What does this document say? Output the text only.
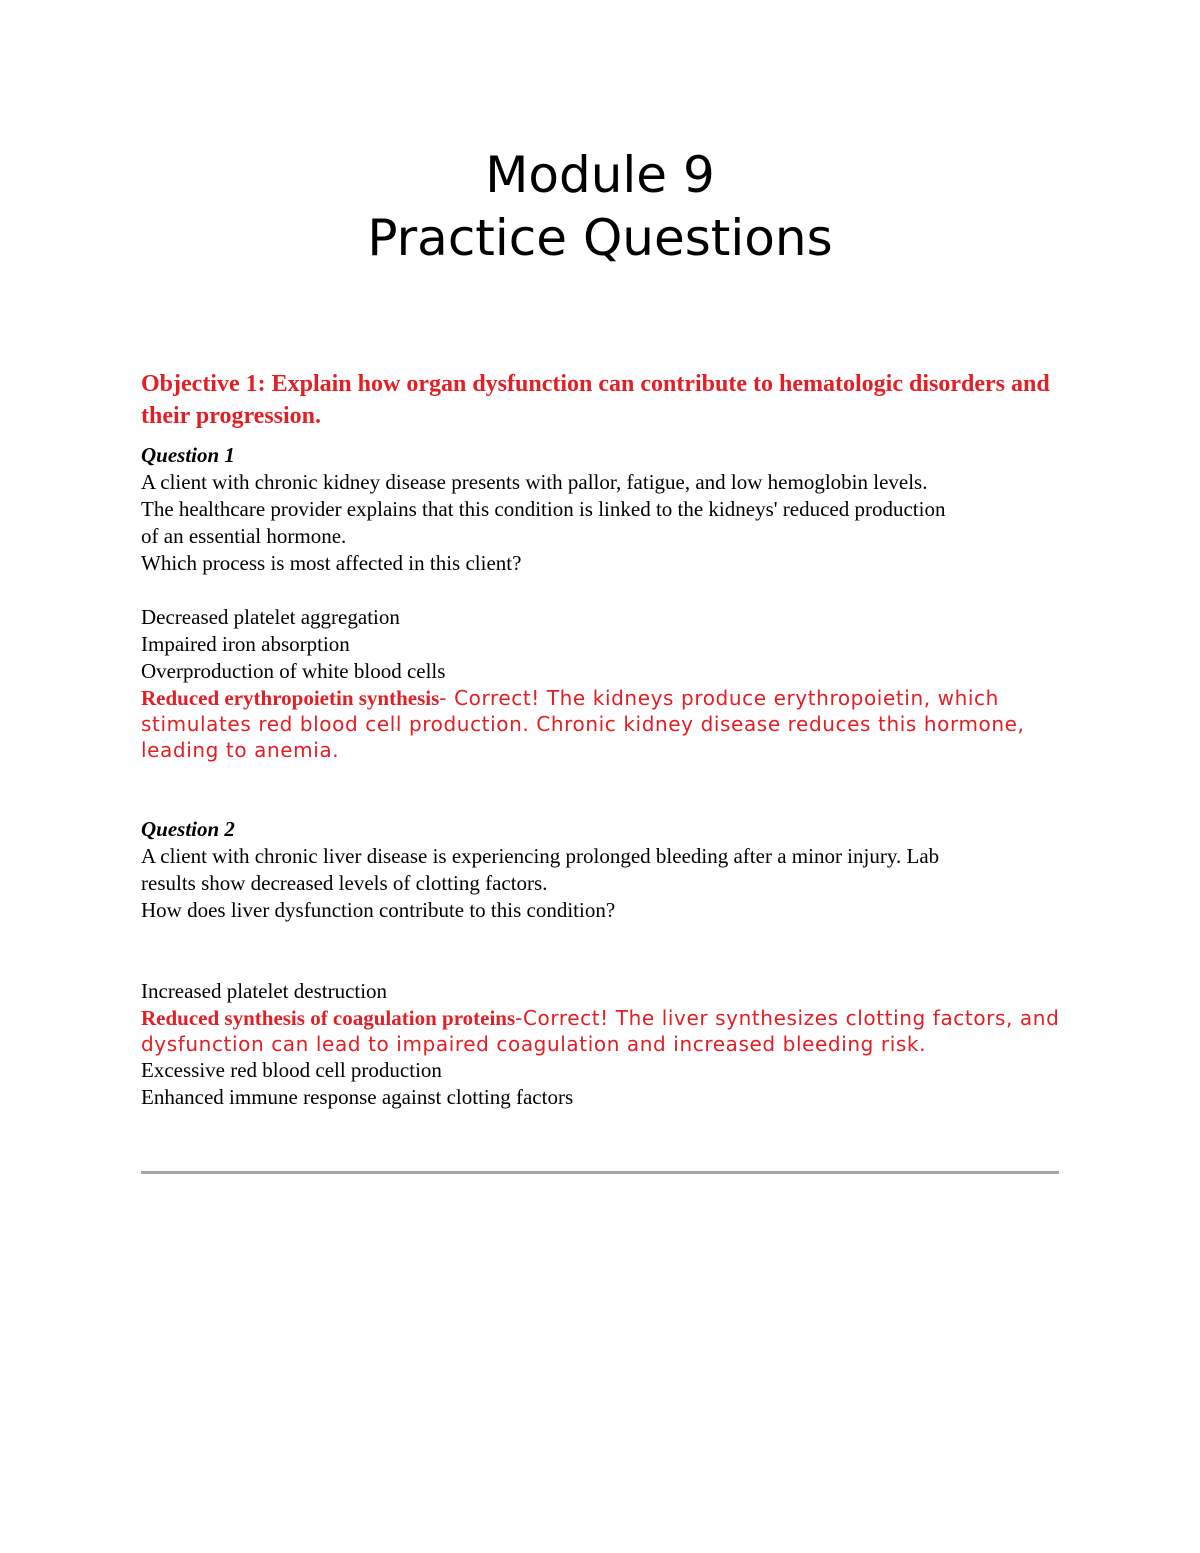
Module 9
Practice Questions

Objective 1: Explain how organ dysfunction can contribute to hematologic disorders and their progression.

Question 1

A client with chronic kidney disease presents with pallor, fatigue, and low hemoglobin levels.

The healthcare provider explains that this condition is linked to the kidneys' reduced production

of an essential hormone.

Which process is most affected in this client?

Decreased platelet aggregation

Impaired iron absorption

Overproduction of white blood cells

Reduced erythropoietin synthesis- Correct! The kidneys produce erythropoietin, which stimulates red blood cell production. Chronic kidney disease reduces this hormone, leading to anemia.

Question 2

A client with chronic liver disease is experiencing prolonged bleeding after a minor injury. Lab

results show decreased levels of clotting factors.

How does liver dysfunction contribute to this condition?

Increased platelet destruction

Reduced synthesis of coagulation proteins-Correct! The liver synthesizes clotting factors, and dysfunction can lead to impaired coagulation and increased bleeding risk.

Excessive red blood cell production

Enhanced immune response against clotting factors
